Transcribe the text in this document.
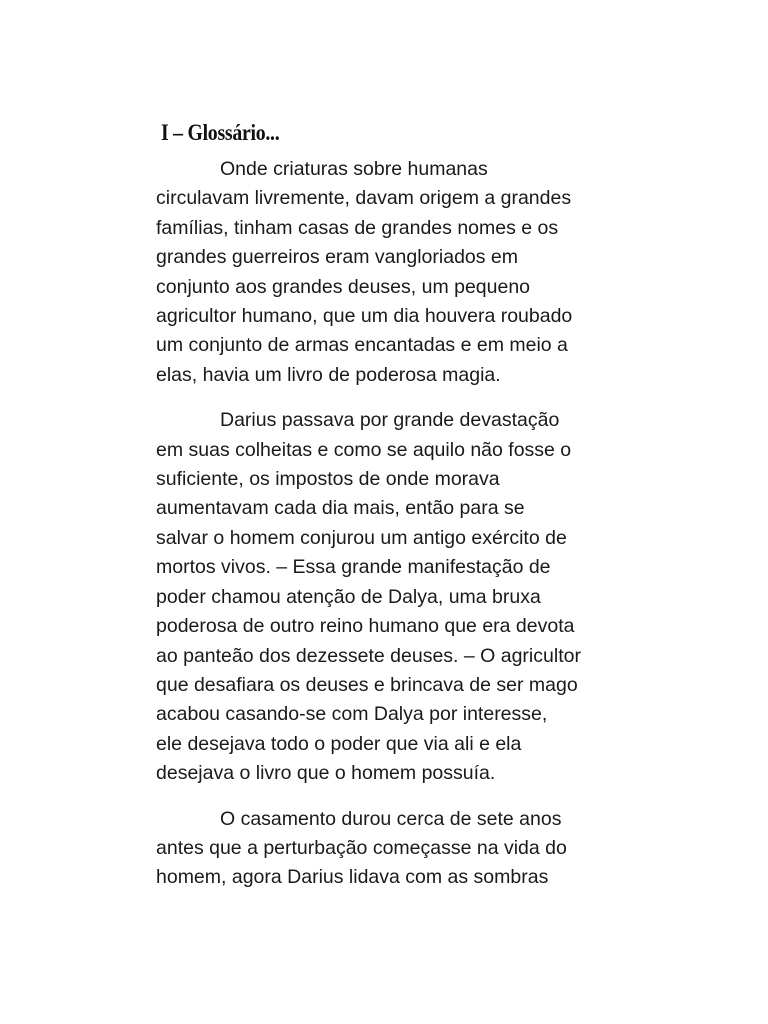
I – Glossário...

Onde criaturas sobre humanas
circulavam livremente, davam origem a grandes
famílias, tinham casas de grandes nomes e os
grandes guerreiros eram vangloriados em
conjunto aos grandes deuses, um pequeno
agricultor humano, que um dia houvera roubado
um conjunto de armas encantadas e em meio a
elas, havia um livro de poderosa magia.

Darius passava por grande devastação
em suas colheitas e como se aquilo não fosse o
suficiente, os impostos de onde morava
aumentavam cada dia mais, então para se
salvar o homem conjurou um antigo exército de
mortos vivos. – Essa grande manifestação de
poder chamou atenção de Dalya, uma bruxa
poderosa de outro reino humano que era devota
ao panteão dos dezessete deuses. – O agricultor
que desafiara os deuses e brincava de ser mago
acabou casando-se com Dalya por interesse,
ele desejava todo o poder que via ali e ela
desejava o livro que o homem possuía.

O casamento durou cerca de sete anos
antes que a perturbação começasse na vida do
homem, agora Darius lidava com as sombras
